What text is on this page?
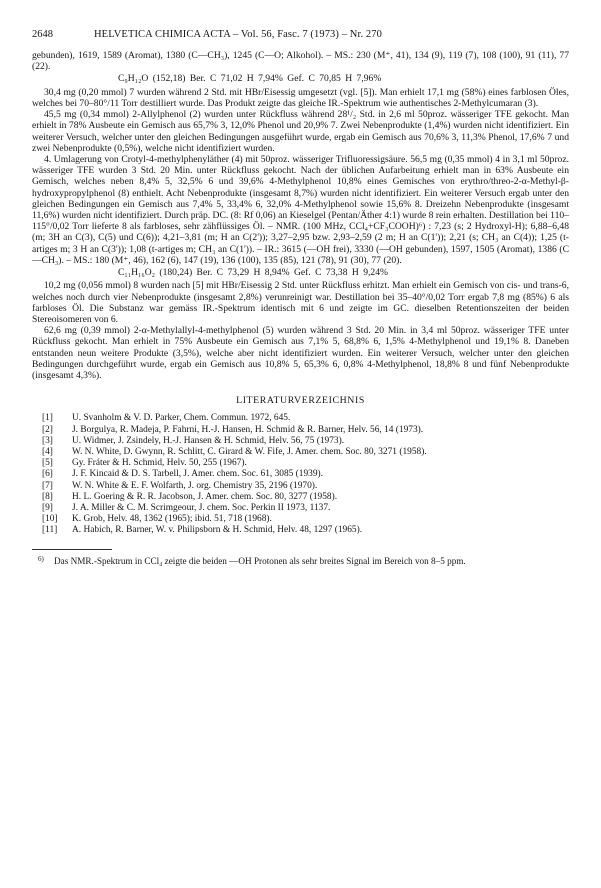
2648	HELVETICA CHIMICA ACTA – Vol. 56, Fasc. 7 (1973) – Nr. 270

gebunden), 1619, 1589 (Aromat), 1380 (C—CH₃), 1245 (C—O; Alkohol). – MS.: 230 (M⁺, 41), 134 (9), 119 (7), 108 (100), 91 (11), 77 (22).

C₉H₁₂O (152,18) Ber. C 71,02 H 7,94% Gef. C 70,85 H 7,96%

30,4 mg (0,20 mmol) 7 wurden während 2 Std. mit HBr/Eisessig umgesetzt (vgl. [5]). Man erhielt 17,1 mg (58%) eines farblosen Öles, welches bei 70–80°/11 Torr destilliert wurde. Das Produkt zeigte das gleiche IR.-Spektrum wie authentisches 2-Methylcumaran (3).

45,5 mg (0,34 mmol) 2-Allylphenol (2) wurden unter Rückfluss während 28¹/₂ Std. in 2,6 ml 50proz. wässeriger TFE gekocht. Man erhielt in 78% Ausbeute ein Gemisch aus 65,7% 3, 12,0% Phenol und 20,9% 7. Zwei Nebenprodukte (1,4%) wurden nicht identifiziert. Ein weiterer Versuch, welcher unter den gleichen Bedingungen ausgeführt wurde, ergab ein Gemisch aus 70,6% 3, 11,3% Phenol, 17,6% 7 und zwei Nebenprodukte (0,5%), welche nicht identifiziert wurden.

4. Umlagerung von Crotyl-4-methylphenyläther (4) mit 50proz. wässeriger Trifluoressigsäure. 56,5 mg (0,35 mmol) 4 in 3,1 ml 50proz. wässeriger TFE wurden 3 Std. 20 Min. unter Rückfluss gekocht. Nach der üblichen Aufarbeitung erhielt man in 63% Ausbeute ein Gemisch, welches neben 8,4% 5, 32,5% 6 und 39,6% 4-Methylphenol 10,8% eines Gemisches von erythro/threo-2-α-Methyl-β-hydroxypropylphenol (8) enthielt. Acht Nebenprodukte (insgesamt 8,7%) wurden nicht identifiziert. Ein weiterer Versuch ergab unter den gleichen Bedingungen ein Gemisch aus 7,4% 5, 33,4% 6, 32,0% 4-Methylphenol sowie 15,6% 8. Dreizehn Nebenprodukte (insgesamt 11,6%) wurden nicht identifiziert. Durch präp. DC. (8: Rf 0,06) an Kieselgel (Pentan/Äther 4:1) wurde 8 rein erhalten. Destillation bei 110–115°/0,02 Torr lieferte 8 als farbloses, sehr zähflüssiges Öl. – NMR. (100 MHz, CCl₄+CF₃COOH)⁶) : 7,23 (s; 2 Hydroxyl-H); 6,88–6,48 (m; 3H an C(3), C(5) und C(6)); 4,21–3,81 (m; H an C(2')); 3,27–2,95 bzw. 2,93–2,59 (2 m; H an C(1')); 2,21 (s; CH₃ an C(4)); 1,25 (t-artiges m; 3 H an C(3')); 1,08 (t-artiges m; CH₃ an C(1')). – IR.: 3615 (—OH frei), 3330 (—OH gebunden), 1597, 1505 (Aromat), 1386 (C—CH₃). – MS.: 180 (M⁺, 46), 162 (6), 147 (19), 136 (100), 135 (85), 121 (78), 91 (30), 77 (20).

C₁₁H₁₆O₂ (180,24) Ber. C 73,29 H 8,94% Gef. C 73,38 H 9,24%

10,2 mg (0,056 mmol) 8 wurden nach [5] mit HBr/Eisessig 2 Std. unter Rückfluss erhitzt. Man erhielt ein Gemisch von cis- und trans-6, welches noch durch vier Nebenprodukte (insgesamt 2,8%) verunreinigt war. Destillation bei 35–40°/0,02 Torr ergab 7,8 mg (85%) 6 als farbloses Öl. Die Substanz war gemäss IR.-Spektrum identisch mit 6 und zeigte im GC. dieselben Retentionszeiten der beiden Stereoisomeren von 6.

62,6 mg (0,39 mmol) 2-α-Methylallyl-4-methylphenol (5) wurden während 3 Std. 20 Min. in 3,4 ml 50proz. wässeriger TFE unter Rückfluss gekocht. Man erhielt in 75% Ausbeute ein Gemisch aus 7,1% 5, 68,8% 6, 1,5% 4-Methylphenol und 19,1% 8. Daneben entstanden neun weitere Produkte (3,5%), welche aber nicht identifiziert wurden. Ein weiterer Versuch, welcher unter den gleichen Bedingungen durchgeführt wurde, ergab ein Gemisch aus 10,8% 5, 65,3% 6, 0,8% 4-Methylphenol, 18,8% 8 und fünf Nebenprodukte (insgesamt 4,3%).

LITERATURVERZEICHNIS
[1] U. Svanholm & V. D. Parker, Chem. Commun. 1972, 645.
[2] J. Borgulya, R. Madeja, P. Fahrni, H.-J. Hansen, H. Schmid & R. Barner, Helv. 56, 14 (1973).
[3] U. Widmer, J. Zsindely, H.-J. Hansen & H. Schmid, Helv. 56, 75 (1973).
[4] W. N. White, D. Gwynn, R. Schlitt, C. Girard & W. Fife, J. Amer. chem. Soc. 80, 3271 (1958).
[5] Gy. Fráter & H. Schmid, Helv. 50, 255 (1967).
[6] J. F. Kincaid & D. S. Tarbell, J. Amer. chem. Soc. 61, 3085 (1939).
[7] W. N. White & E. F. Wolfarth, J. org. Chemistry 35, 2196 (1970).
[8] H. L. Goering & R. R. Jacobson, J. Amer. chem. Soc. 80, 3277 (1958).
[9] J. A. Miller & C. M. Scrimgeour, J. chem. Soc. Perkin II 1973, 1137.
[10] K. Grob, Helv. 48, 1362 (1965); ibid. 51, 718 (1968).
[11] A. Habich, R. Barner, W. v. Philipsborn & H. Schmid, Helv. 48, 1297 (1965).
6) Das NMR.-Spektrum in CCl₄ zeigte die beiden —OH Protonen als sehr breites Signal im Bereich von 8–5 ppm.
